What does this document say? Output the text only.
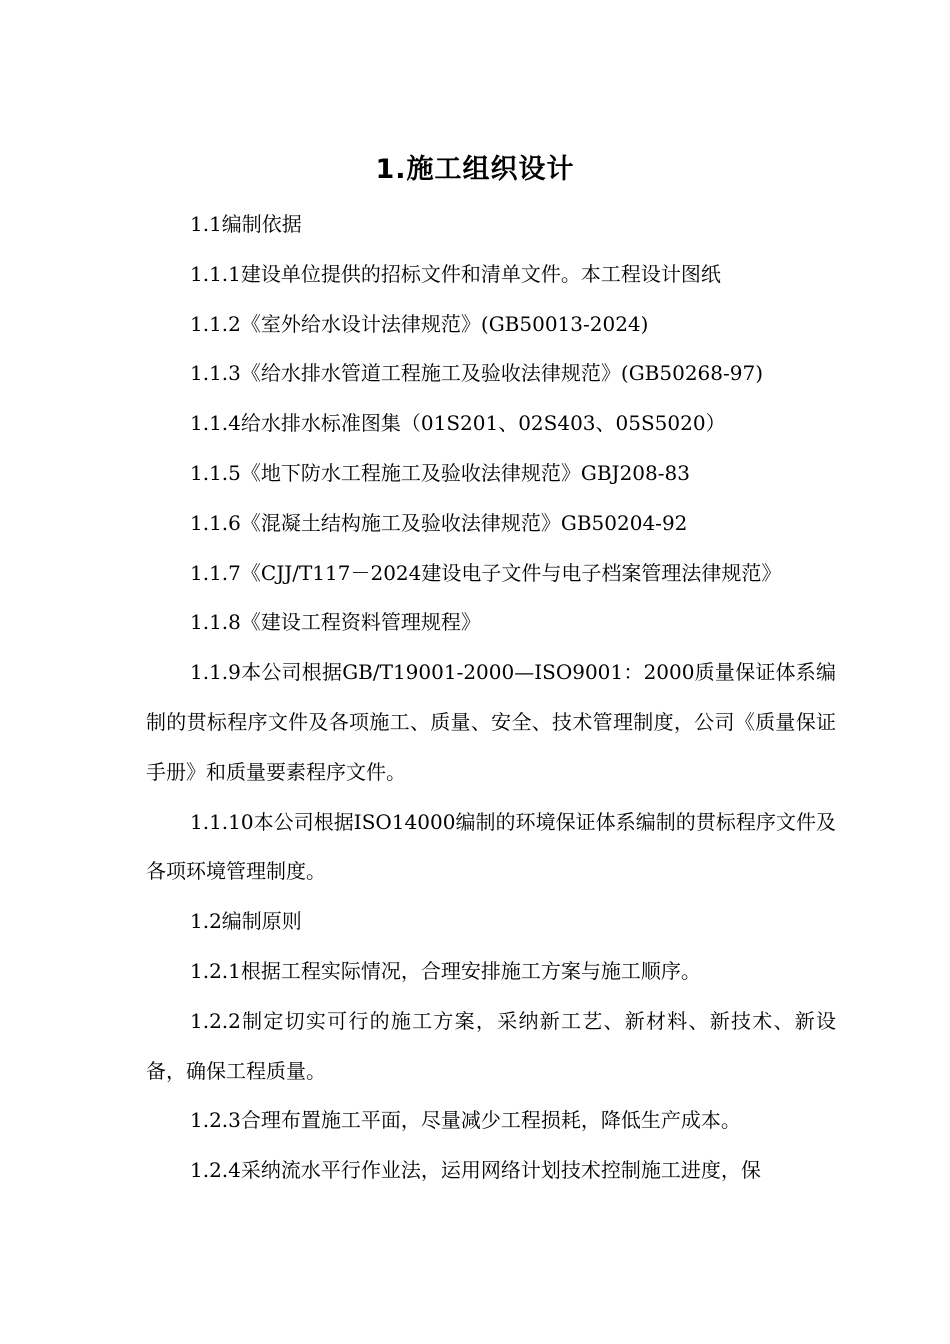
1.施工组织设计

1.1编制依据

1.1.1建设单位提供的招标文件和清单文件。本工程设计图纸

1.1.2《室外给水设计法律规范》(GB50013-2024)

1.1.3《给水排水管道工程施工及验收法律规范》(GB50268-97)

1.1.4给水排水标准图集（01S201、02S403、05S5020）

1.1.5《地下防水工程施工及验收法律规范》GBJ208-83

1.1.6《混凝土结构施工及验收法律规范》GB50204-92

1.1.7《CJJ/T117－2024建设电子文件与电子档案管理法律规范》

1.1.8《建设工程资料管理规程》

1.1.9本公司根据GB/T19001-2000—ISO9001：2000质量保证体系编制的贯标程序文件及各项施工、质量、安全、技术管理制度，公司《质量保证手册》和质量要素程序文件。

1.1.10本公司根据ISO14000编制的环境保证体系编制的贯标程序文件及各项环境管理制度。

1.2编制原则

1.2.1根据工程实际情况，合理安排施工方案与施工顺序。

1.2.2制定切实可行的施工方案，采纳新工艺、新材料、新技术、新设备，确保工程质量。

1.2.3合理布置施工平面，尽量减少工程损耗，降低生产成本。

1.2.4采纳流水平行作业法，运用网络计划技术控制施工进度，保
